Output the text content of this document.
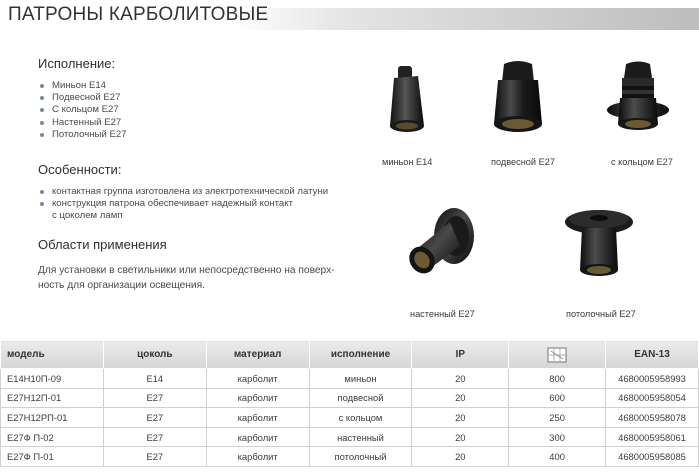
ПАТРОНЫ КАРБОЛИТОВЫЕ
Исполнение:
Миньон Е14
Подвесной Е27
С кольцом Е27
Настенный Е27
Потолочный Е27
Особенности:
контактная группа изготовлена из электротехнической латуни
конструкция патрона обеспечивает надежный контакт
с цоколем ламп
Области применения
Для установки в светильники или непосредственно на поверх-
ность для организации освещения.
миньон Е14	подвесной Е27	с кольцом Е27
настенный Е27	потолочный Е27
модель	цоколь	материал	исполнение	IP		EAN-13
Е14Н10П-09	Е14	карболит	миньон	20	800	4680005958993
Е27Н12П-01	Е27	карболит	подвесной	20	600	4680005958054
Е27Н12РП-01	Е27	карболит	с кольцом	20	250	4680005958078
Е27Ф П-02	Е27	карболит	настенный	20	300	4680005958061
Е27Ф П-01	Е27	карболит	потолочный	20	400	4680005958085
